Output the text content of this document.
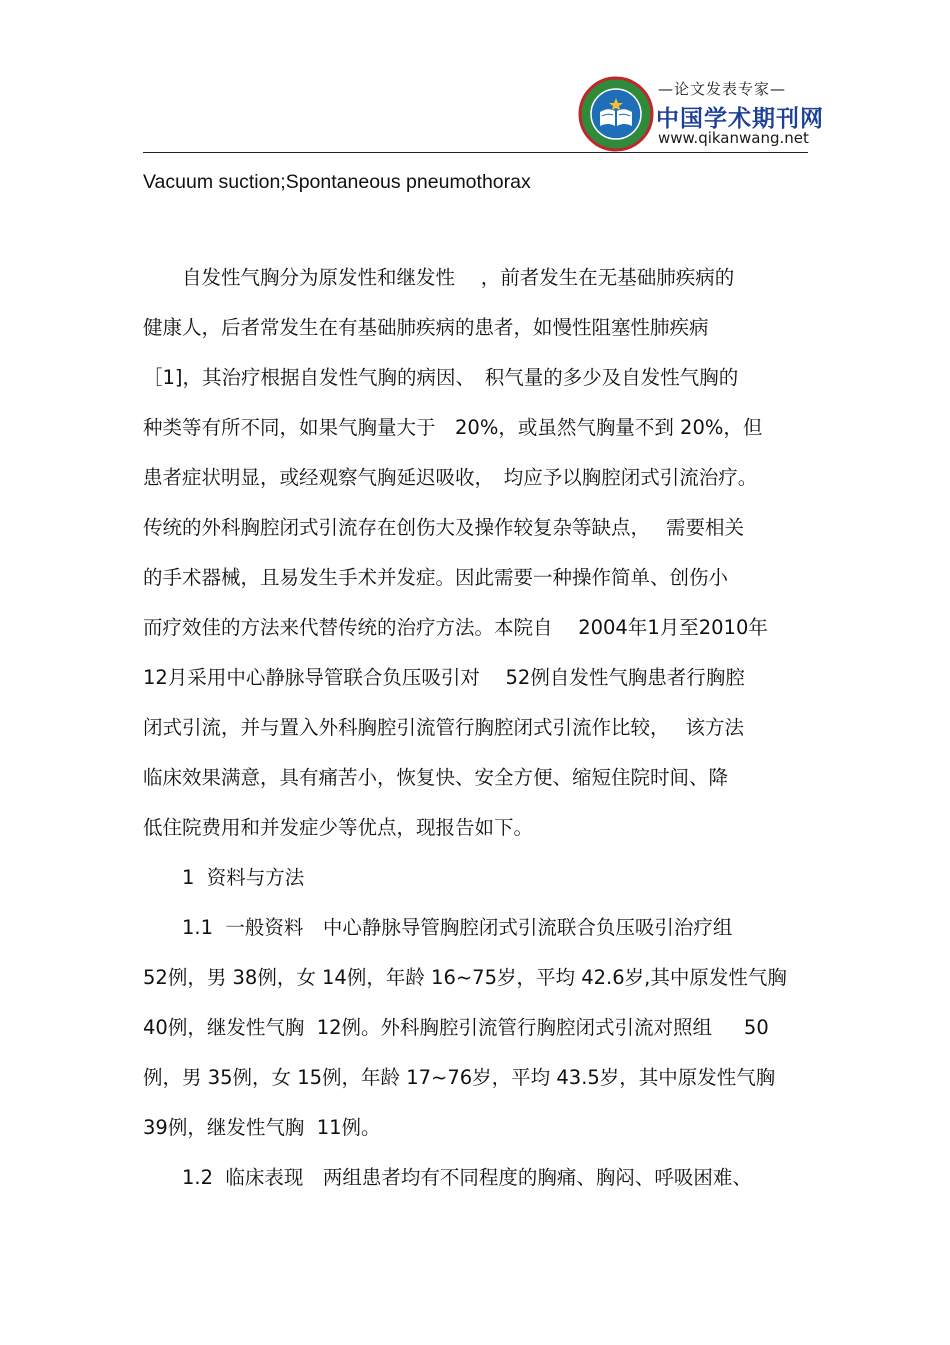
—论文发表专家—
中国学术期刊网
www.qikanwang.net
Vacuum suction;Spontaneous pneumothorax
　　自发性气胸分为原发性和继发性　 ，前者发生在无基础肺疾病的
健康人，后者常发生在有基础肺疾病的患者，如慢性阻塞性肺疾病
［1]，其治疗根据自发性气胸的病因、　积气量的多少及自发性气胸的
种类等有所不同，如果气胸量大于　20%，或虽然气胸量不到 20%，但
患者症状明显，或经观察气胸延迟吸收，　均应予以胸腔闭式引流治疗。
传统的外科胸腔闭式引流存在创伤大及操作较复杂等缺点，　 需要相关
的手术器械，且易发生手术并发症。因此需要一种操作简单、创伤小
而疗效佳的方法来代替传统的治疗方法。本院自　 2004年1月至2010年
12月采用中心静脉导管联合负压吸引对　 52例自发性气胸患者行胸腔
闭式引流，并与置入外科胸腔引流管行胸腔闭式引流作比较，　 该方法
临床效果满意，具有痛苦小，恢复快、安全方便、缩短住院时间、降
低住院费用和并发症少等优点，现报告如下。
　　1  资料与方法
　　1.1  一般资料　中心静脉导管胸腔闭式引流联合负压吸引治疗组
52例，男 38例，女 14例，年龄 16~75岁，平均 42.6岁,其中原发性气胸
40例，继发性气胸  12例。外科胸腔引流管行胸腔闭式引流对照组　  50
例，男 35例，女 15例，年龄 17~76岁，平均 43.5岁，其中原发性气胸
39例，继发性气胸  11例。
　　1.2  临床表现　两组患者均有不同程度的胸痛、胸闷、呼吸困难、
